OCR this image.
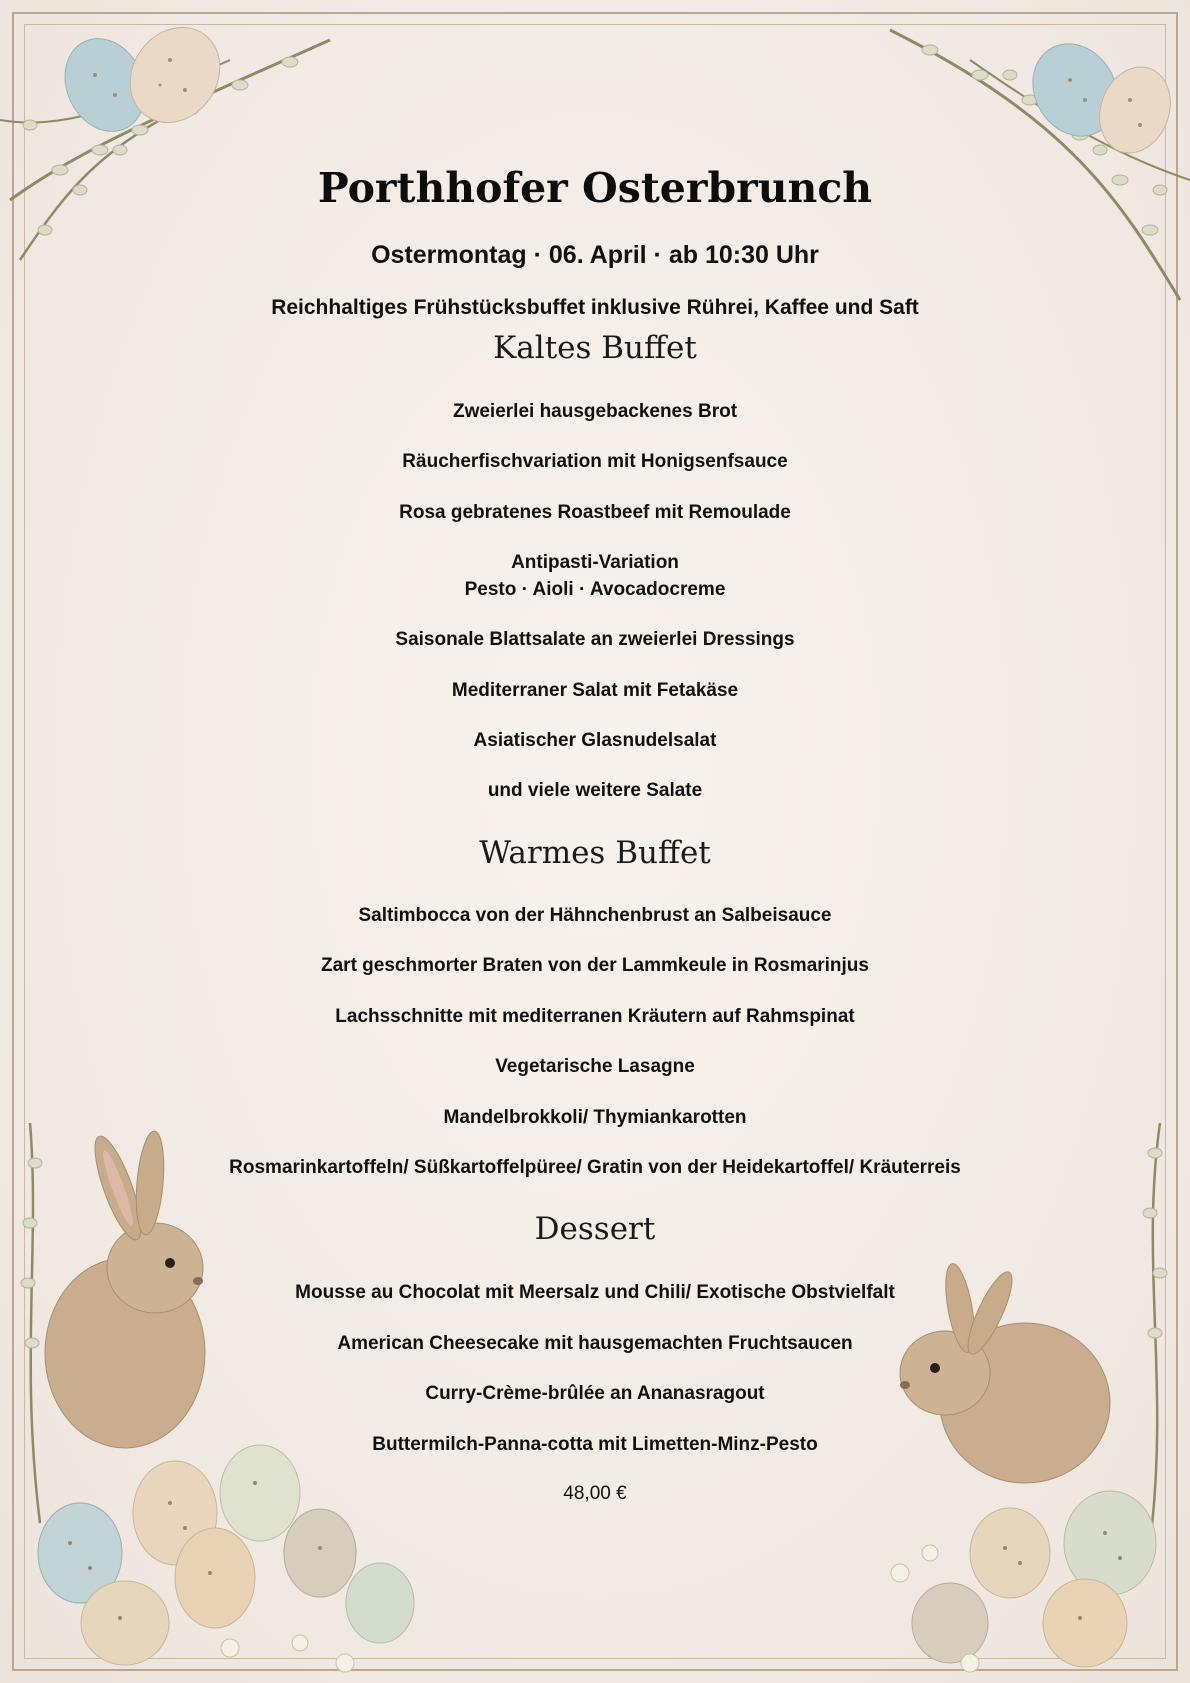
Porthhofer Osterbrunch
Ostermontag · 06. April · ab 10:30 Uhr
Reichhaltiges Frühstücksbuffet inklusive Rührei, Kaffee und Saft
Kaltes Buffet
Zweierlei hausgebackenes Brot
Räucherfischvariation mit Honigsenfsauce
Rosa gebratenes Roastbeef mit Remoulade
Antipasti-Variation
Pesto · Aioli · Avocadocreme
Saisonale Blattsalate an zweierlei Dressings
Mediterraner Salat mit Fetakäse
Asiatischer Glasnudelsalat
und viele weitere Salate
Warmes Buffet
Saltimbocca von der Hähnchenbrust an Salbeisauce
Zart geschmorter Braten von der Lammkeule in Rosmarinjus
Lachsschnitte mit mediterranen Kräutern auf Rahmspinat
Vegetarische Lasagne
Mandelbrokkoli/ Thymiankarotten
Rosmarinkartoffeln/ Süßkartoffelpüree/ Gratin von der Heidekartoffel/ Kräuterreis
Dessert
Mousse au Chocolat mit Meersalz und Chili/ Exotische Obstvielfalt
American Cheesecake mit hausgemachten Fruchtsaucen
Curry-Crème-brûlée an Ananasragout
Buttermilch-Panna-cotta mit Limetten-Minz-Pesto
48,00 €
